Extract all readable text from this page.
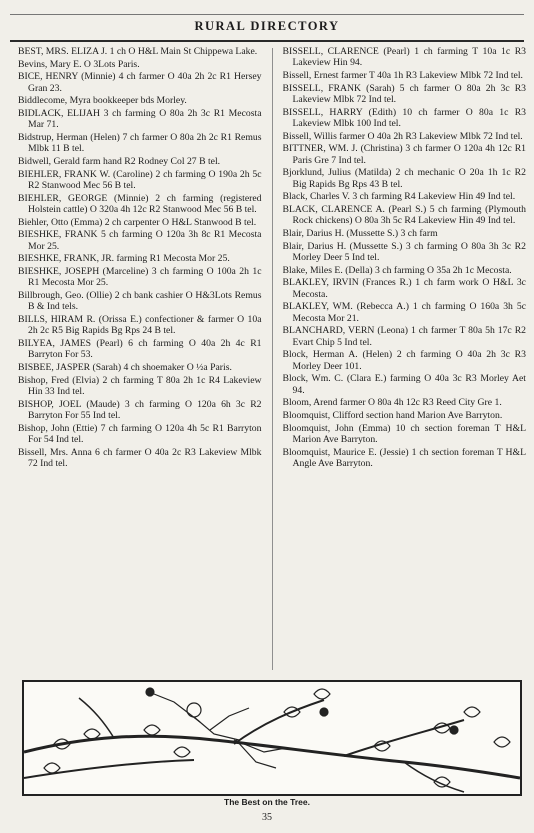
RURAL DIRECTORY

BEST, MRS. ELIZA J. 1 ch O H&L Main St Chippewa Lake.

Bevins, Mary E. O 3Lots Paris.

BICE, HENRY (Minnie) 4 ch farmer O 40a 2h 2c R1 Hersey Gran 23.

Biddlecome, Myra bookkeeper bds Morley.

BIDLACK, ELIJAH 3 ch farming O 80a 2h 3c R1 Mecosta Mar 71.

Bidstrup, Herman (Helen) 7 ch farmer O 80a 2h 2c R1 Remus Mlbk 11 B tel.

Bidwell, Gerald farm hand R2 Rodney Col 27 B tel.

BIEHLER, FRANK W. (Caroline) 2 ch farming O 190a 2h 5c R2 Stanwood Mec 56 B tel.

BIEHLER, GEORGE (Minnie) 2 ch farming (registered Holstein cattle) O 320a 4h 12c R2 Stanwood Mec 56 B tel.

Biehler, Otto (Emma) 2 ch carpenter O H&L Stanwood B tel.

BIESHKE, FRANK 5 ch farming O 120a 3h 8c R1 Mecosta Mor 25.

BIESHKE, FRANK, JR. farming R1 Mecosta Mor 25.

BIESHKE, JOSEPH (Marceline) 3 ch farming O 100a 2h 1c R1 Mecosta Mor 25.

Billbrough, Geo. (Ollie) 2 ch bank cashier O H&3Lots Remus B & Ind tels.

BILLS, HIRAM R. (Orissa E.) confectioner & farmer O 10a 2h 2c R5 Big Rapids Bg Rps 24 B tel.

BILYEA, JAMES (Pearl) 6 ch farming O 40a 2h 4c R1 Barryton For 53.

BISBEE, JASPER (Sarah) 4 ch shoemaker O ½a Paris.

Bishop, Fred (Elvia) 2 ch farming T 80a 2h 1c R4 Lakeview Hin 33 Ind tel.

BISHOP, JOEL (Maude) 3 ch farming O 120a 6h 3c R2 Barryton For 55 Ind tel.

Bishop, John (Ettie) 7 ch farming O 120a 4h 5c R1 Barryton For 54 Ind tel.

Bissell, Mrs. Anna 6 ch farmer O 40a 2c R3 Lakeview Mlbk 72 Ind tel.

BISSELL, CLARENCE (Pearl) 1 ch farming T 10a 1c R3 Lakeview Hin 94.

Bissell, Ernest farmer T 40a 1h R3 Lakeview Mlbk 72 Ind tel.

BISSELL, FRANK (Sarah) 5 ch farmer O 80a 2h 3c R3 Lakeview Mlbk 72 Ind tel.

BISSELL, HARRY (Edith) 10 ch farmer O 80a 1c R3 Lakeview Mlbk 100 Ind tel.

Bissell, Willis farmer O 40a 2h R3 Lakeview Mlbk 72 Ind tel.

BITTNER, WM. J. (Christina) 3 ch farmer O 120a 4h 12c R1 Paris Gre 7 Ind tel.

Bjorklund, Julius (Matilda) 2 ch mechanic O 20a 1h 1c R2 Big Rapids Bg Rps 43 B tel.

Black, Charles V. 3 ch farming R4 Lakeview Hin 49 Ind tel.

BLACK, CLARENCE A. (Pearl S.) 5 ch farming (Plymouth Rock chickens) O 80a 3h 5c R4 Lakeview Hin 49 Ind tel.

Blair, Darius H. (Mussette S.) 3 ch farm

Blair, Darius H. (Mussette S.) 3 ch farming O 80a 3h 3c R2 Morley Deer 5 Ind tel.

Blake, Miles E. (Della) 3 ch farming O 35a 2h 1c Mecosta.

BLAKLEY, IRVIN (Frances R.) 1 ch farm work O H&L 3c Mecosta.

BLAKLEY, WM. (Rebecca A.) 1 ch farming O 160a 3h 5c Mecosta Mor 21.

BLANCHARD, VERN (Leona) 1 ch farmer T 80a 5h 17c R2 Evart Chip 5 Ind tel.

Block, Herman A. (Helen) 2 ch farming O 40a 2h 3c R3 Morley Deer 101.

Block, Wm. C. (Clara E.) farming O 40a 3c R3 Morley Aet 94.

Bloom, Arend farmer O 80a 4h 12c R3 Reed City Gre 1.

Bloomquist, Clifford section hand Marion Ave Barryton.

Bloomquist, John (Emma) 10 ch section foreman T H&L Marion Ave Barryton.

Bloomquist, Maurice E. (Jessie) 1 ch section foreman T H&L Angle Ave Barryton.

The Best on the Tree.
35
